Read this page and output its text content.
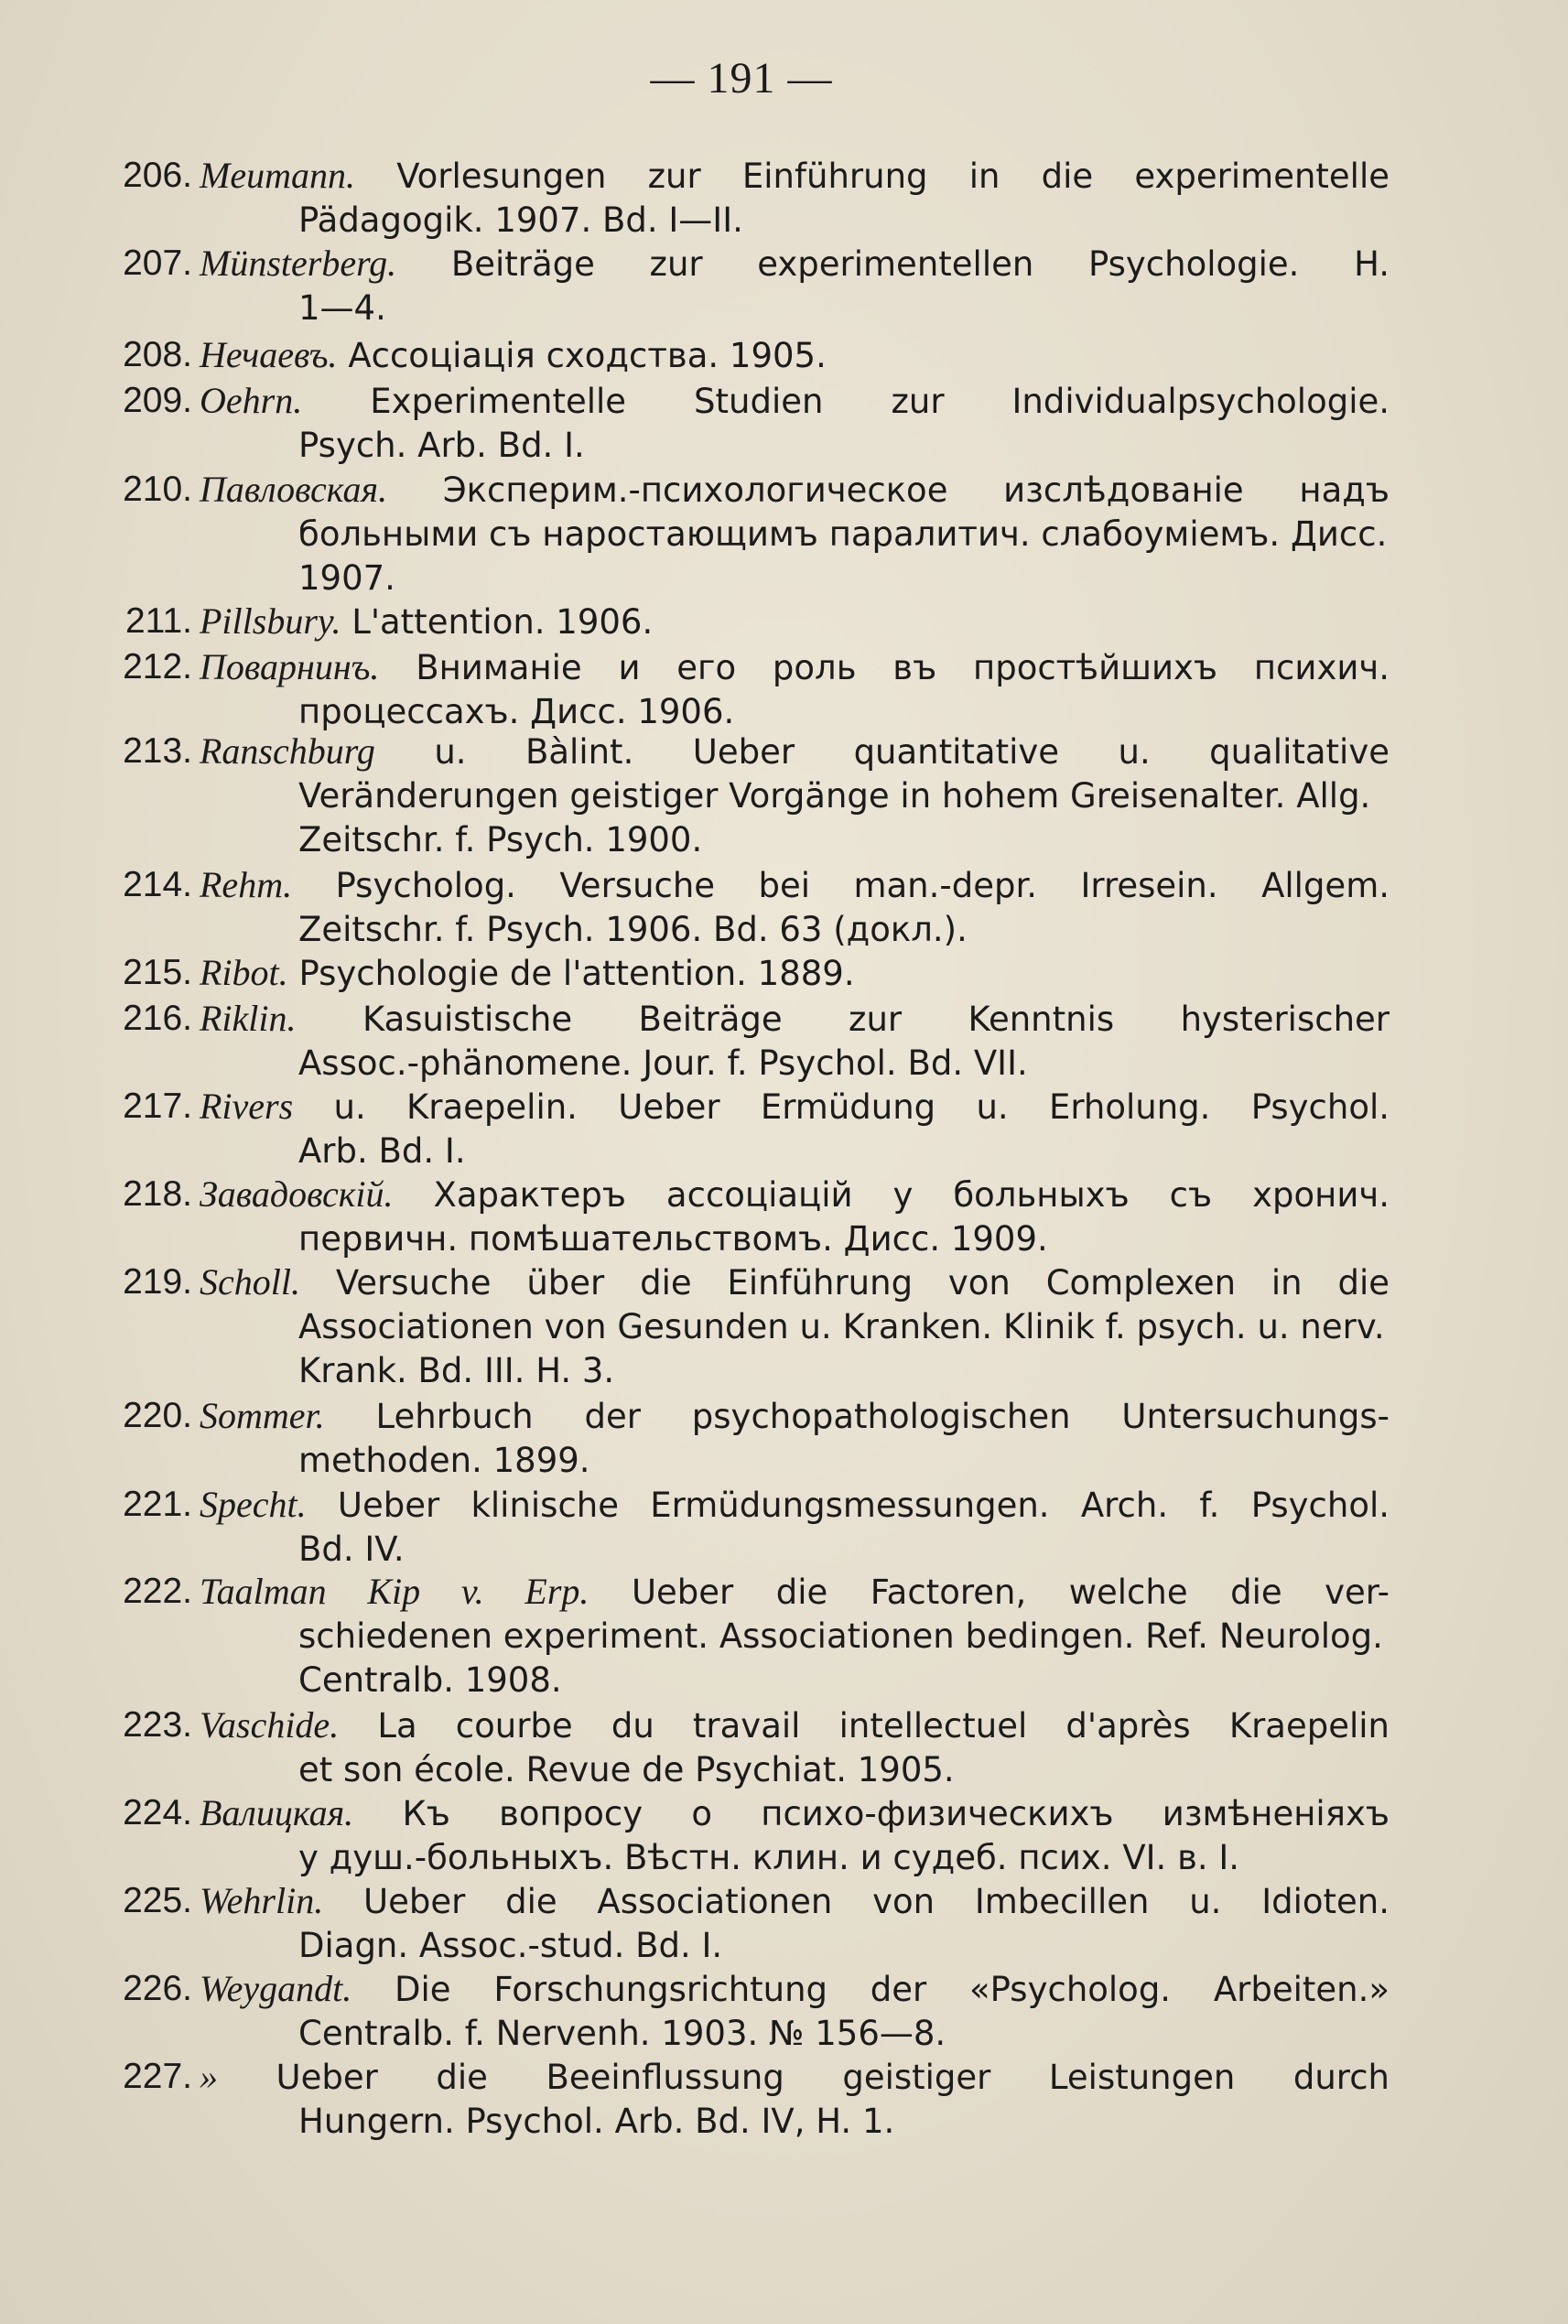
— 191 —
206. Meumann. Vorlesungen zur Einführung in die experimentelle
Pädagogik. 1907. Bd. I—II.
207. Münsterberg. Beiträge zur experimentellen Psychologie. H.
1—4.
208. Нечаевъ. Ассоціація сходства. 1905.
209. Oehrn. Experimentelle Studien zur Individualpsychologie.
Psych. Arb. Bd. I.
210. Павловская. Эксперим.-психологическое изслѣдованіе надъ
больными съ наростающимъ паралитич. слабоуміемъ. Дисс. 1907.
211. Pillsbury. L'attention. 1906.
212. Поварнинъ. Вниманіе и его роль въ простѣйшихъ психич.
процессахъ. Дисс. 1906.
213. Ranschburg u. Bàlint. Ueber quantitative u. qualitative
Veränderungen geistiger Vorgänge in hohem Greisenalter. Allg. Zeitschr. f. Psych. 1900.
214. Rehm. Psycholog. Versuche bei man.-depr. Irresein. Allgem.
Zeitschr. f. Psych. 1906. Bd. 63 (докл.).
215. Ribot. Psychologie de l'attention. 1889.
216. Riklin. Kasuistische Beiträge zur Kenntnis hysterischer
Assoc.-phänomene. Jour. f. Psychol. Bd. VII.
217. Rivers u. Kraepelin. Ueber Ermüdung u. Erholung. Psychol.
Arb. Bd. I.
218. Завадовскій. Характеръ ассоціацій у больныхъ съ хронич.
первичн. помѣшательствомъ. Дисс. 1909.
219. Scholl. Versuche über die Einführung von Complexen in die
Associationen von Gesunden u. Kranken. Klinik f. psych. u. nerv. Krank. Bd. III. H. 3.
220. Sommer. Lehrbuch der psychopathologischen Untersuchungs-
methoden. 1899.
221. Specht. Ueber klinische Ermüdungsmessungen. Arch. f. Psychol.
Bd. IV.
222. Taalman Kip v. Erp. Ueber die Factoren, welche die ver-
schiedenen experiment. Associationen bedingen. Ref. Neurolog. Centralb. 1908.
223. Vaschide. La courbe du travail intellectuel d'après Kraepelin
et son école. Revue de Psychiat. 1905.
224. Валицкая. Къ вопросу о психо-физическихъ измѣненіяхъ
у душ.-больныхъ. Вѣстн. клин. и судеб. псих. VI. в. I.
225. Wehrlin. Ueber die Associationen von Imbecillen u. Idioten.
Diagn. Assoc.-stud. Bd. I.
226. Weygandt. Die Forschungsrichtung der «Psycholog. Arbeiten.»
Centralb. f. Nervenh. 1903. № 156—8.
227. » Ueber die Beeinflussung geistiger Leistungen durch
Hungern. Psychol. Arb. Bd. IV, H. 1.
